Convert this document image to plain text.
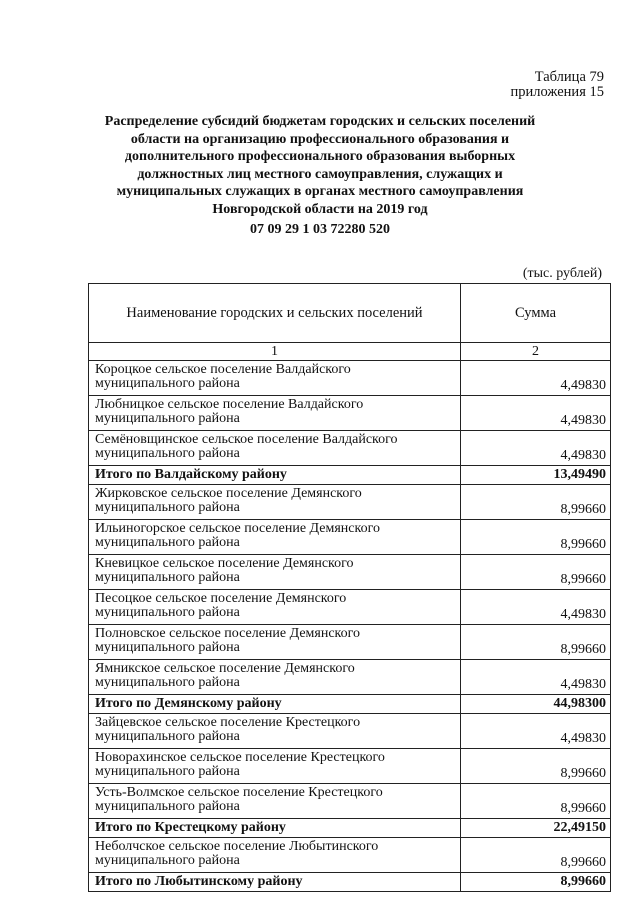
Таблица 79
приложения 15
Распределение субсидий бюджетам городских и сельских поселений
области на организацию профессионального образования и
дополнительного профессионального образования выборных
должностных лиц местного самоуправления, служащих и
муниципальных служащих в органах местного самоуправления
Новгородской области на 2019 год
07 09 29 1 03 72280 520
(тыс. рублей)
Наименование городских и сельских поселений	Сумма
1	2

Короцкое сельское поселение Валдайского
муниципального района	4,49830

Любницкое сельское поселение Валдайского
муниципального района	4,49830

Семёновщинское сельское поселение Валдайского
муниципального района	4,49830
Итого по Валдайскому району	13,49490

Жирковское сельское поселение Демянского
муниципального района	8,99660

Ильиногорское сельское поселение Демянского
муниципального района	8,99660

Кневицкое сельское поселение Демянского
муниципального района	8,99660

Песоцкое сельское поселение Демянского
муниципального района	4,49830

Полновское сельское поселение Демянского
муниципального района	8,99660

Ямникское сельское поселение Демянского
муниципального района	4,49830
Итого по Демянскому району	44,98300

Зайцевское сельское поселение Крестецкого
муниципального района	4,49830

Новорахинское сельское поселение Крестецкого
муниципального района	8,99660

Усть-Волмское сельское поселение Крестецкого
муниципального района	8,99660
Итого по Крестецкому району	22,49150

Неболчское сельское поселение Любытинского
муниципального района	8,99660
Итого по Любытинскому району	8,99660
